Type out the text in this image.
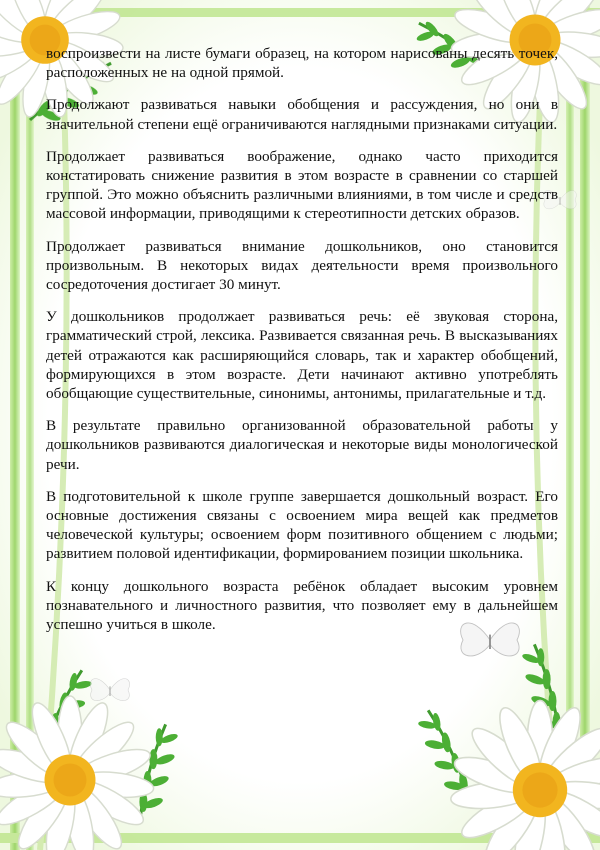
воспроизвести на листе бумаги образец, на котором нарисованы десять точек, расположенных не на одной прямой.

Продолжают развиваться навыки обобщения и рассуждения, но они в значительной степени ещё ограничиваются наглядными признаками ситуации.

Продолжает развиваться воображение, однако часто приходится констатировать снижение развития в этом возрасте в сравнении со старшей группой. Это можно объяснить различными влияниями, в том числе и средств массовой информации, приводящими к стереотипности детских образов.

Продолжает развиваться внимание дошкольников, оно становится произвольным. В некоторых видах деятельности время произвольного сосредоточения достигает 30 минут.

У дошкольников продолжает развиваться речь: её звуковая сторона, грамматический строй, лексика. Развивается связанная речь. В высказываниях детей отражаются как расширяющийся словарь, так и характер обобщений, формирующихся в этом возрасте. Дети начинают активно употреблять обобщающие существительные, синонимы, антонимы, прилагательные и т.д.

В результате правильно организованной образовательной работы у дошкольников развиваются диалогическая и некоторые виды монологической речи.

В подготовительной к школе группе завершается дошкольный возраст. Его основные достижения связаны с освоением мира вещей как предметов человеческой культуры; освоением форм позитивного общением с людьми; развитием половой идентификации, формированием позиции школьника.

К концу дошкольного возраста ребёнок обладает высоким уровнем познавательного и личностного развития, что позволяет ему в дальнейшем успешно учиться в школе.
